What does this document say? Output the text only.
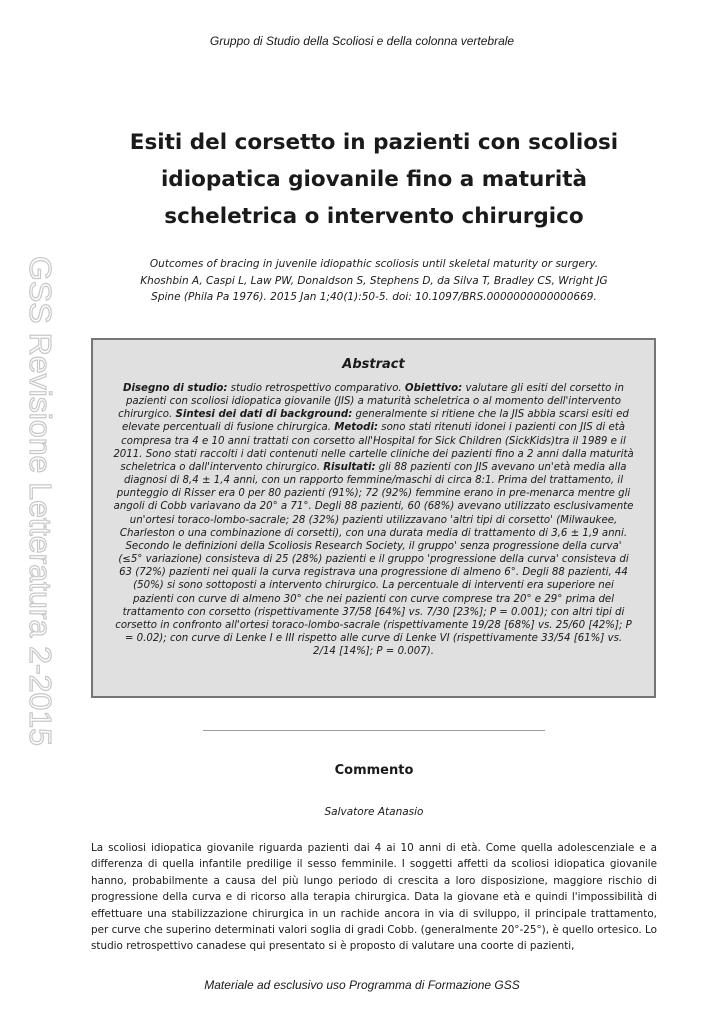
Gruppo di Studio della Scoliosi e della colonna vertebrale
GSS Revisione Letteratura 2-2015
Esiti del corsetto in pazienti con scoliosi
idiopatica giovanile fino a maturità
scheletrica o intervento chirurgico

Outcomes of bracing in juvenile idiopathic scoliosis until skeletal maturity or surgery.
Khoshbin A, Caspi L, Law PW, Donaldson S, Stephens D, da Silva T, Bradley CS, Wright JG
Spine (Phila Pa 1976). 2015 Jan 1;40(1):50-5. doi: 10.1097/BRS.0000000000000669.

Abstract

Disegno di studio: studio retrospettivo comparativo. Obiettivo: valutare gli esiti del corsetto in pazienti con scoliosi idiopatica giovanile (JIS) a maturità scheletrica o al momento dell'intervento chirurgico. Sintesi dei dati di background: generalmente si ritiene che la JIS abbia scarsi esiti ed elevate percentuali di fusione chirurgica. Metodi: sono stati ritenuti idonei i pazienti con JIS di età compresa tra 4 e 10 anni trattati con corsetto all'Hospital for Sick Children (SickKids)tra il 1989 e il 2011. Sono stati raccolti i dati contenuti nelle cartelle cliniche dei pazienti fino a 2 anni dalla maturità scheletrica o dall'intervento chirurgico. Risultati: gli 88 pazienti con JIS avevano un'età media alla diagnosi di 8,4 ± 1,4 anni, con un rapporto femmine/maschi di circa 8:1. Prima del trattamento, il punteggio di Risser era 0 per 80 pazienti (91%); 72 (92%) femmine erano in pre-menarca mentre gli angoli di Cobb variavano da 20° a 71°. Degli 88 pazienti, 60 (68%) avevano utilizzato esclusivamente un'ortesi toraco-lombo-sacrale; 28 (32%) pazienti utilizzavano 'altri tipi di corsetto' (Milwaukee, Charleston o una combinazione di corsetti), con una durata media di trattamento di 3,6 ± 1,9 anni. Secondo le definizioni della Scoliosis Research Society, il gruppo' senza progressione della curva' (≤5° variazione) consisteva di 25 (28%) pazienti e il gruppo 'progressione della curva' consisteva di 63 (72%) pazienti nei quali la curva registrava una progressione di almeno 6°. Degli 88 pazienti, 44 (50%) si sono sottoposti a intervento chirurgico. La percentuale di interventi era superiore nei pazienti con curve di almeno 30° che nei pazienti con curve comprese tra 20° e 29° prima del trattamento con corsetto (rispettivamente 37/58 [64%] vs. 7/30 [23%]; P = 0.001); con altri tipi di corsetto in confronto all'ortesi toraco-lombo-sacrale (rispettivamente 19/28 [68%] vs. 25/60 [42%]; P = 0.02); con curve di Lenke I e III rispetto alle curve di Lenke VI (rispettivamente 33/54 [61%] vs. 2/14 [14%]; P = 0.007).

Commento
Salvatore Atanasio

La scoliosi idiopatica giovanile riguarda pazienti dai 4 ai 10 anni di età. Come quella adolescenziale e a differenza di quella infantile predilige il sesso femminile. I soggetti affetti da scoliosi idiopatica giovanile hanno, probabilmente a causa del più lungo periodo di crescita a loro disposizione, maggiore rischio di progressione della curva e di ricorso alla terapia chirurgica. Data la giovane età e quindi l'impossibilità di effettuare una stabilizzazione chirurgica in un rachide ancora in via di sviluppo, il principale trattamento, per curve che superino determinati valori soglia di gradi Cobb. (generalmente 20°-25°), è quello ortesico. Lo studio retrospettivo canadese qui presentato si è proposto di valutare una coorte di pazienti,

Materiale ad esclusivo uso Programma di Formazione GSS
